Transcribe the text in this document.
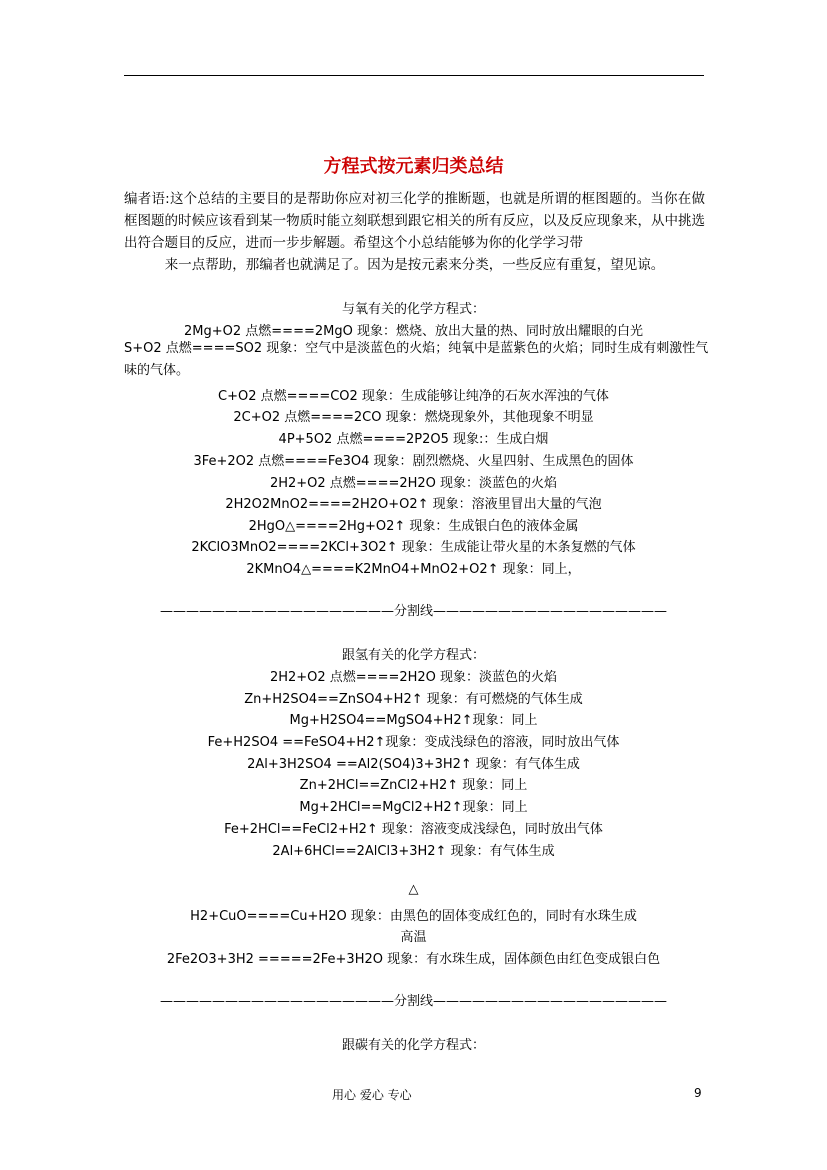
方程式按元素归类总结
编者语:这个总结的主要目的是帮助你应对初三化学的推断题，也就是所谓的框图题的。当你在做框图题的时候应该看到某一物质时能立刻联想到跟它相关的所有反应，以及反应现象来，从中挑选出符合题目的反应，进而一步步解题。希望这个小总结能够为你的化学学习带
来一点帮助，那编者也就满足了。因为是按元素来分类，一些反应有重复，望见谅。
与氧有关的化学方程式：
2Mg+O2 点燃====2MgO 现象：燃烧、放出大量的热、同时放出耀眼的白光
S+O2 点燃====SO2 现象：空气中是淡蓝色的火焰；纯氧中是蓝紫色的火焰；同时生成有刺激性气味的气体。
C+O2 点燃====CO2 现象：生成能够让纯净的石灰水浑浊的气体
2C+O2 点燃====2CO 现象：燃烧现象外，其他现象不明显
4P+5O2 点燃====2P2O5 现象:：生成白烟
3Fe+2O2 点燃====Fe3O4 现象：剧烈燃烧、火星四射、生成黑色的固体
2H2+O2 点燃====2H2O 现象：淡蓝色的火焰
2H2O2MnO2====2H2O+O2↑ 现象：溶液里冒出大量的气泡
2HgO△====2Hg+O2↑ 现象：生成银白色的液体金属
2KClO3MnO2====2KCl+3O2↑ 现象：生成能让带火星的木条复燃的气体
2KMnO4△====K2MnO4+MnO2+O2↑ 现象：同上，
——————————————————分割线——————————————————
跟氢有关的化学方程式：
2H2+O2 点燃====2H2O 现象：淡蓝色的火焰
Zn+H2SO4==ZnSO4+H2↑ 现象：有可燃烧的气体生成
Mg+H2SO4==MgSO4+H2↑现象：同上
Fe+H2SO4 ==FeSO4+H2↑现象：变成浅绿色的溶液，同时放出气体
2Al+3H2SO4 ==Al2(SO4)3+3H2↑ 现象：有气体生成
Zn+2HCl==ZnCl2+H2↑ 现象：同上
Mg+2HCl==MgCl2+H2↑现象：同上
Fe+2HCl==FeCl2+H2↑ 现象：溶液变成浅绿色，同时放出气体
2Al+6HCl==2AlCl3+3H2↑ 现象：有气体生成
△
H2+CuO====Cu+H2O 现象：由黑色的固体变成红色的，同时有水珠生成
高温
2Fe2O3+3H2 =====2Fe+3H2O 现象：有水珠生成，固体颜色由红色变成银白色
——————————————————分割线——————————————————
跟碳有关的化学方程式：
用心 爱心 专心	9
